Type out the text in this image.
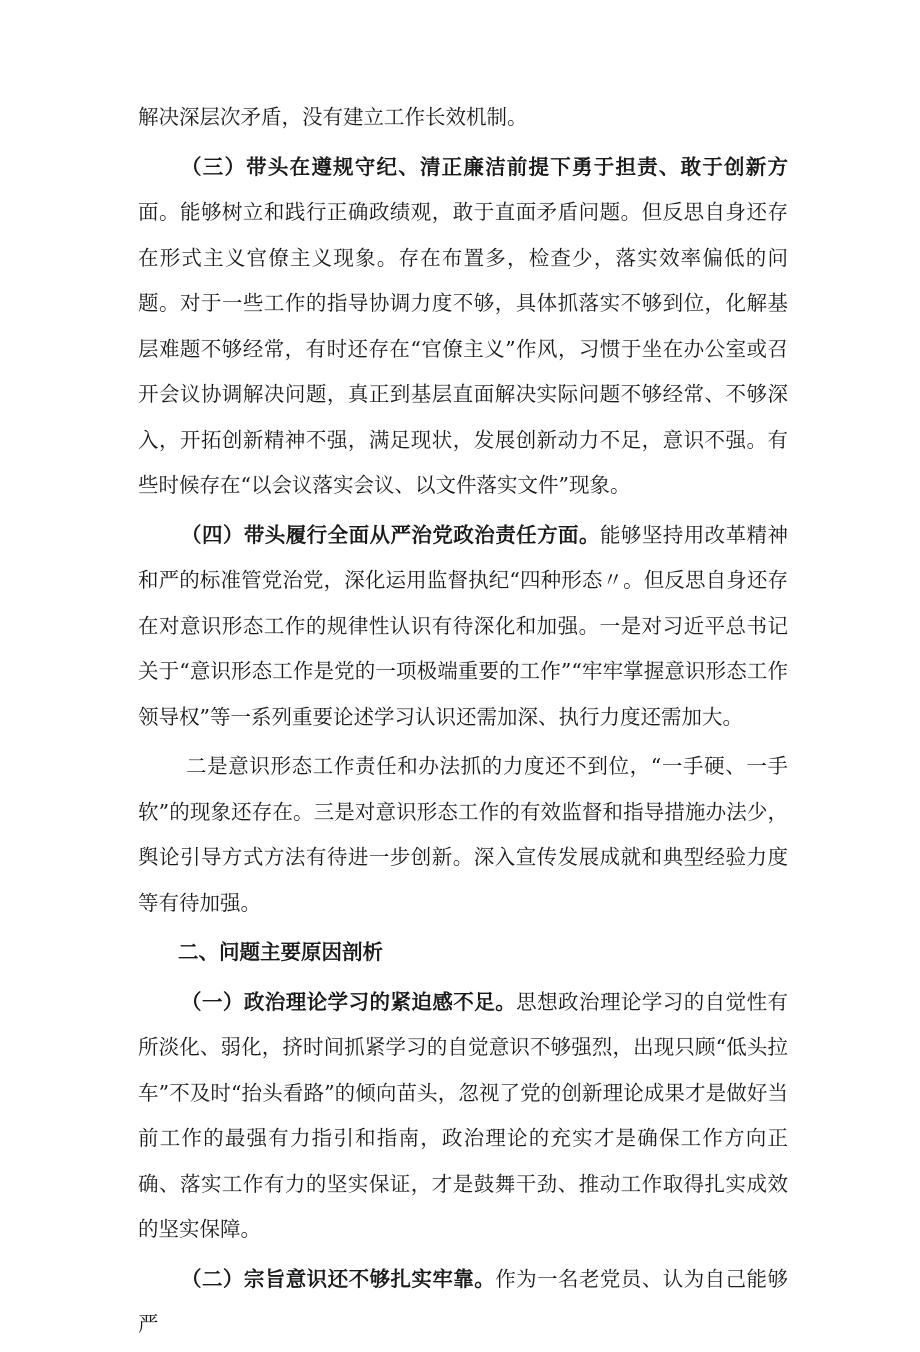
解决深层次矛盾，没有建立工作长效机制。

（三）带头在遵规守纪、清正廉洁前提下勇于担责、敢于创新方面。能够树立和践行正确政绩观，敢于直面矛盾问题。但反思自身还存在形式主义官僚主义现象。存在布置多，检查少，落实效率偏低的问题。对于一些工作的指导协调力度不够，具体抓落实不够到位，化解基层难题不够经常，有时还存在“官僚主义”作风，习惯于坐在办公室或召开会议协调解决问题，真正到基层直面解决实际问题不够经常、不够深入，开拓创新精神不强，满足现状，发展创新动力不足，意识不强。有些时候存在“以会议落实会议、以文件落实文件”现象。

（四）带头履行全面从严治党政治责任方面。能够坚持用改革精神和严的标准管党治党，深化运用监督执纪“四种形态〃。但反思自身还存在对意识形态工作的规律性认识有待深化和加强。一是对习近平总书记关于“意识形态工作是党的一项极端重要的工作”“牢牢掌握意识形态工作领导权”等一系列重要论述学习认识还需加深、执行力度还需加大。

二是意识形态工作责任和办法抓的力度还不到位，“一手硬、一手软”的现象还存在。三是对意识形态工作的有效监督和指导措施办法少，舆论引导方式方法有待进一步创新。深入宣传发展成就和典型经验力度等有待加强。

二、问题主要原因剖析

（一）政治理论学习的紧迫感不足。思想政治理论学习的自觉性有所淡化、弱化，挤时间抓紧学习的自觉意识不够强烈，出现只顾“低头拉车”不及时“抬头看路”的倾向苗头，忽视了党的创新理论成果才是做好当前工作的最强有力指引和指南，政治理论的充实才是确保工作方向正确、落实工作有力的坚实保证，才是鼓舞干劲、推动工作取得扎实成效的坚实保障。

（二）宗旨意识还不够扎实牢靠。作为一名老党员、认为自己能够严
